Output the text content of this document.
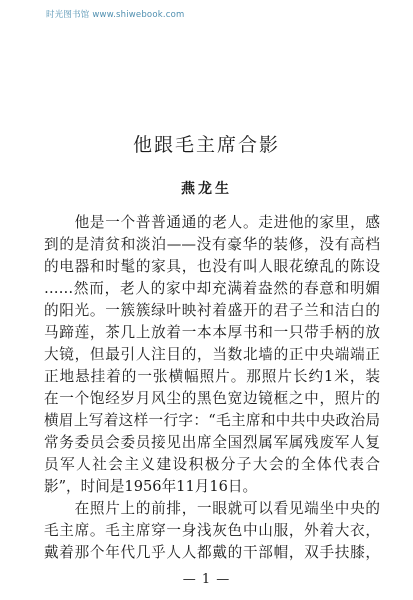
时光图书馆 www.shiwebook.com
他跟毛主席合影
燕龙生
　　他是一个普普通通的老人。走进他的家里，感
到的是清贫和淡泊——没有豪华的装修，没有高档
的电器和时髦的家具，也没有叫人眼花缭乱的陈设
……然而，老人的家中却充满着盎然的春意和明媚
的阳光。一簇簇绿叶映衬着盛开的君子兰和洁白的
马蹄莲，茶几上放着一本本厚书和一只带手柄的放
大镜，但最引人注目的，当数北墙的正中央端端正
正地悬挂着的一张横幅照片。那照片长约1米，装
在一个饱经岁月风尘的黑色宽边镜框之中，照片的
横眉上写着这样一行字：“毛主席和中共中央政治局
常务委员会委员接见出席全国烈属军属残废军人复
员军人社会主义建设积极分子大会的全体代表合
影”，时间是1956年11月16日。
　　在照片上的前排，一眼就可以看见端坐中央的
毛主席。毛主席穿一身浅灰色中山服，外着大衣，
戴着那个年代几乎人人都戴的干部帽，双手扶膝，
— 1 —
